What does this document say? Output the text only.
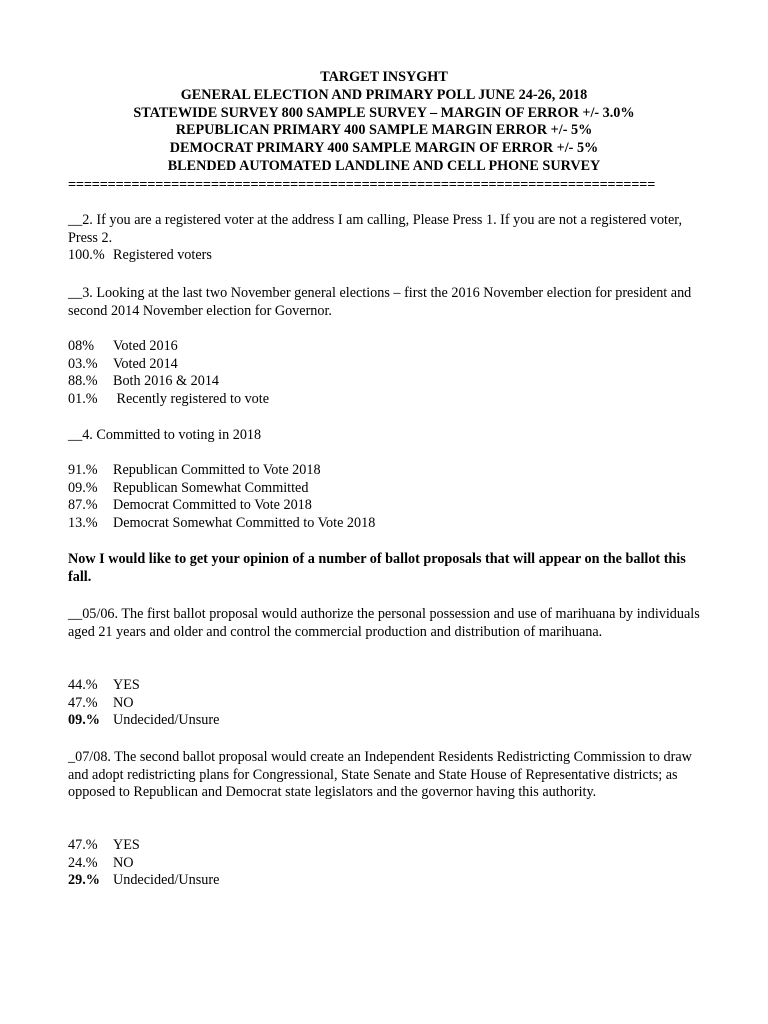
TARGET INSYGHT
GENERAL ELECTION AND PRIMARY POLL JUNE 24-26, 2018
STATEWIDE SURVEY 800 SAMPLE SURVEY – MARGIN OF ERROR +/- 3.0%
REPUBLICAN PRIMARY 400 SAMPLE MARGIN ERROR +/- 5%
DEMOCRAT PRIMARY 400 SAMPLE MARGIN OF ERROR +/- 5%
BLENDED AUTOMATED LANDLINE AND CELL PHONE SURVEY
==========================================================================
__2. If you are a registered voter at the address I am calling, Please Press 1. If you are not a registered voter, Press 2.
100.% Registered voters
__3. Looking at the last two November general elections – first the 2016 November election for president and second 2014 November election for Governor.
08%	Voted 2016
03.%	Voted 2014
88.%	Both 2016 & 2014
01.%	Recently registered to vote
__4. Committed to voting in 2018
91.%	Republican Committed to Vote 2018
09.%	Republican Somewhat Committed
87.%	Democrat Committed to Vote 2018
13.%	Democrat Somewhat Committed to Vote 2018
Now I would like to get your opinion of a number of ballot proposals that will appear on the ballot this fall.
__05/06. The first ballot proposal would authorize the personal possession and use of marihuana by individuals aged 21 years and older and control the commercial production and distribution of marihuana.
44.%	YES
47.%	NO
09.% Undecided/Unsure
_07/08. The second ballot proposal would create an Independent Residents Redistricting Commission to draw and adopt redistricting plans for Congressional, State Senate and State House of Representative districts; as opposed to Republican and Democrat state legislators and the governor having this authority.
47.%	YES
24.%	NO
29.% Undecided/Unsure
